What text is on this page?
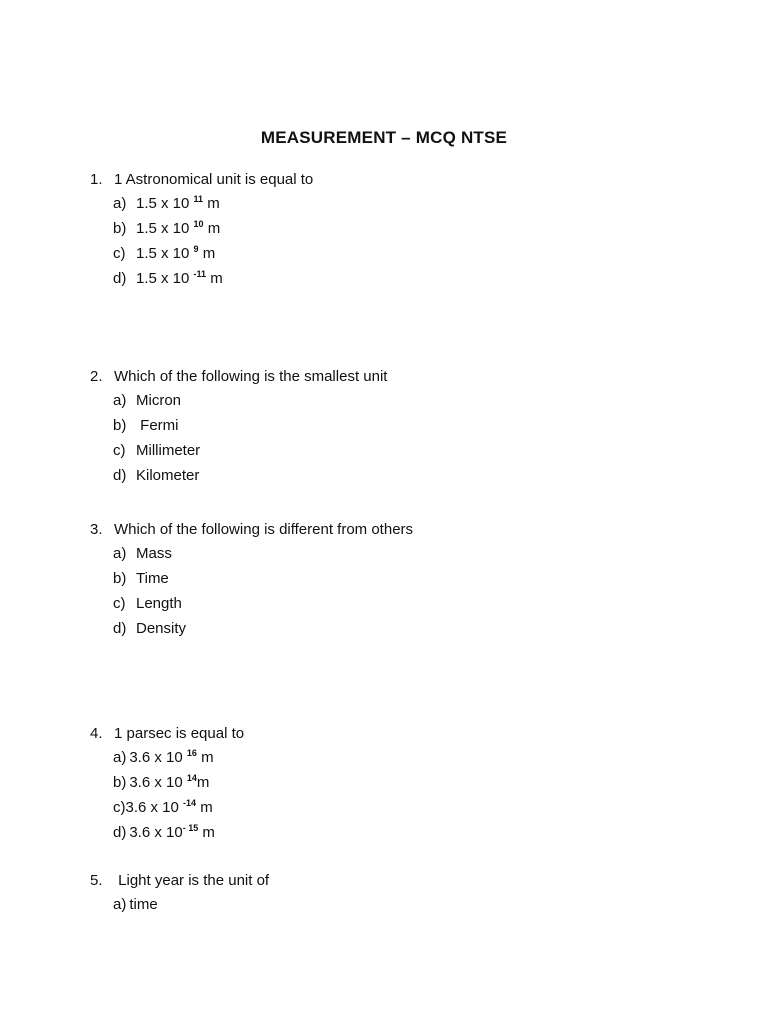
MEASUREMENT – MCQ NTSE
1. 1 Astronomical unit is equal to
a) 1.5 x 10 $^{11}$ m
b) 1.5 x 10 $^{10}$ m
c) 1.5 x 10 $^9$ m
d) 1.5 x 10 $^{-11}$ m
2. Which of the following is the smallest unit
a) Micron
b) Fermi
c) Millimeter
d) Kilometer
3. Which of the following is different from others
a) Mass
b) Time
c) Length
d) Density
4. 1 parsec is equal to
a) 3.6 x 10 $^{16}$ m
b) 3.6 x 10 $^{14}$m
c)3.6 x 10 $^{-14}$ m
d) 3.6 x $10^{- 15}$ m
5. Light year is the unit of
a) time
